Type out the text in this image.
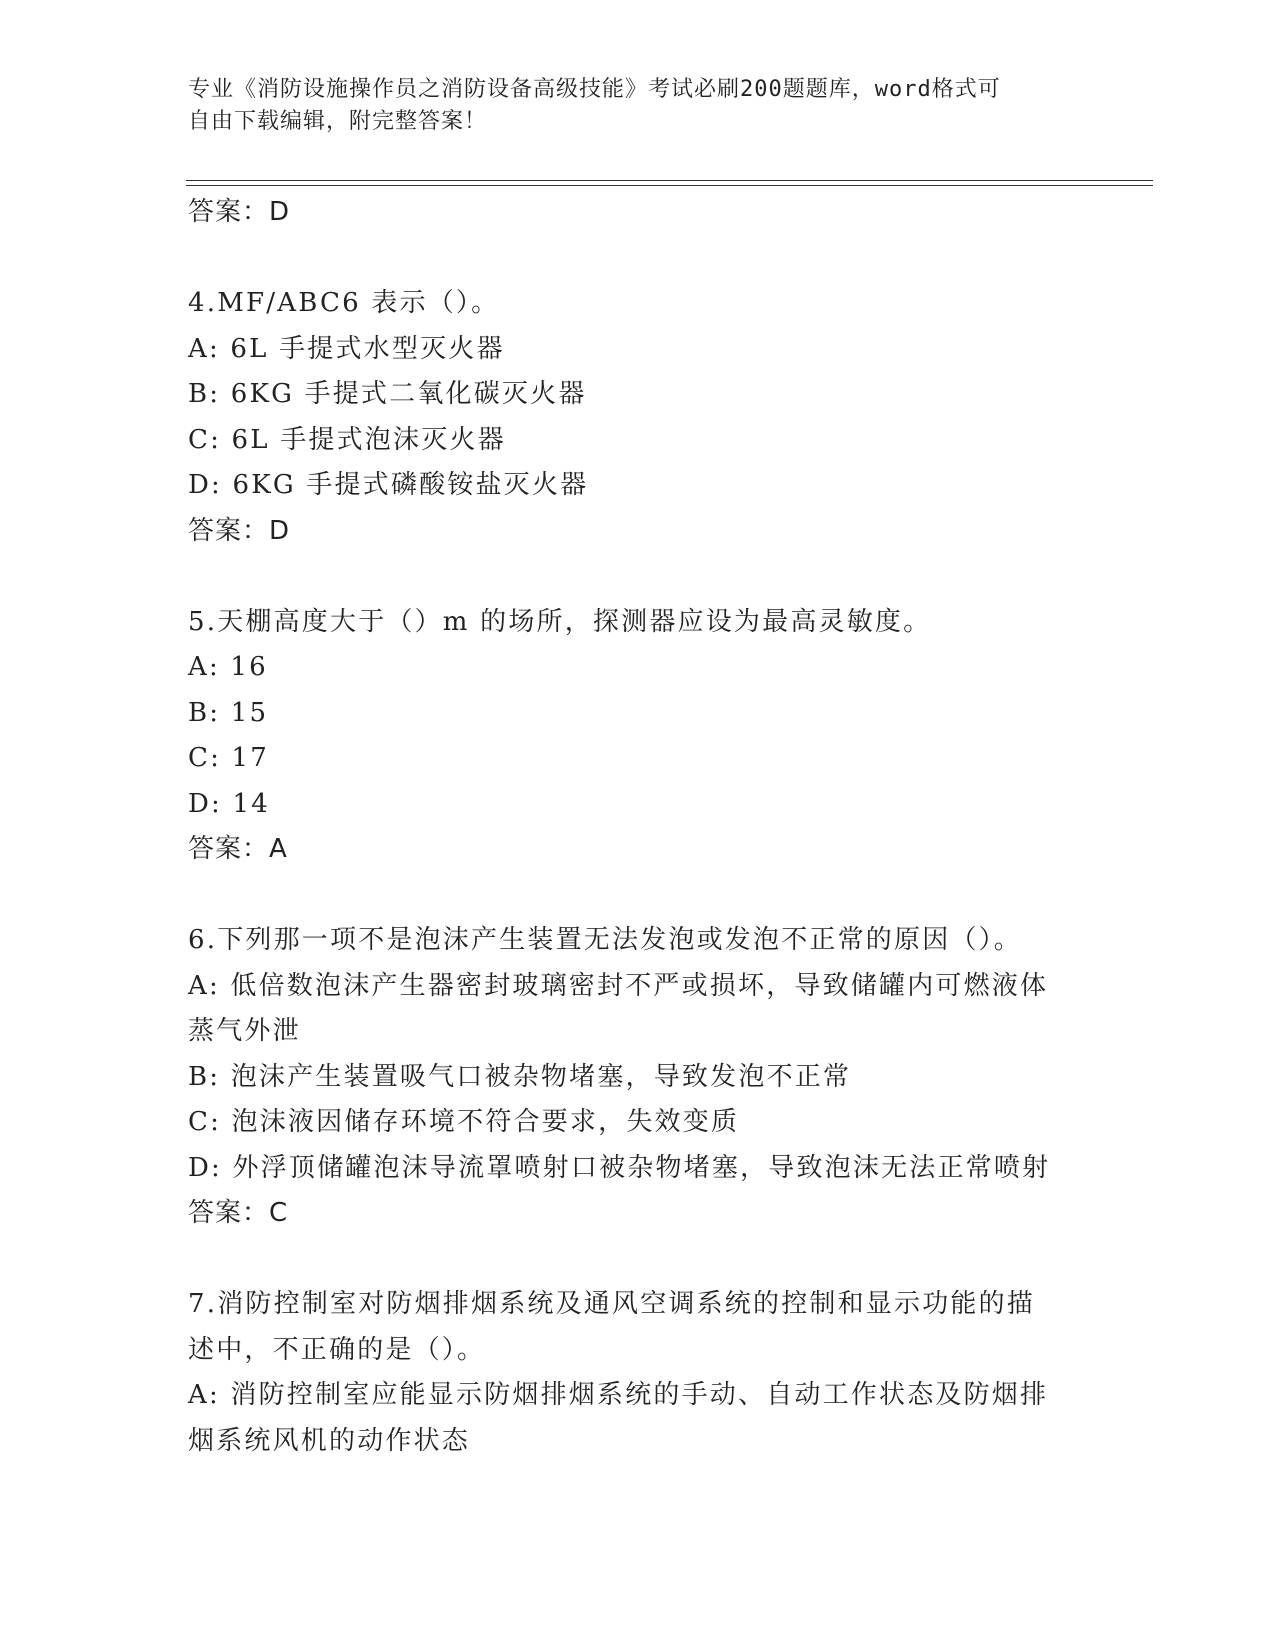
专业《消防设施操作员之消防设备高级技能》考试必刷200题题库，word格式可
自由下载编辑，附完整答案！
答案：D
4.MF/ABC6 表示（）。
A: 6L 手提式水型灭火器
B: 6KG 手提式二氧化碳灭火器
C: 6L 手提式泡沫灭火器
D: 6KG 手提式磷酸铵盐灭火器
答案：D
5.天棚高度大于（）m 的场所，探测器应设为最高灵敏度。
A: 16
B: 15
C: 17
D: 14
答案：A
6.下列那一项不是泡沫产生装置无法发泡或发泡不正常的原因（）。
A: 低倍数泡沫产生器密封玻璃密封不严或损坏，导致储罐内可燃液体
蒸气外泄
B: 泡沫产生装置吸气口被杂物堵塞，导致发泡不正常
C: 泡沫液因储存环境不符合要求，失效变质
D: 外浮顶储罐泡沫导流罩喷射口被杂物堵塞，导致泡沫无法正常喷射
答案：C
7.消防控制室对防烟排烟系统及通风空调系统的控制和显示功能的描
述中，不正确的是（）。
A: 消防控制室应能显示防烟排烟系统的手动、自动工作状态及防烟排
烟系统风机的动作状态
